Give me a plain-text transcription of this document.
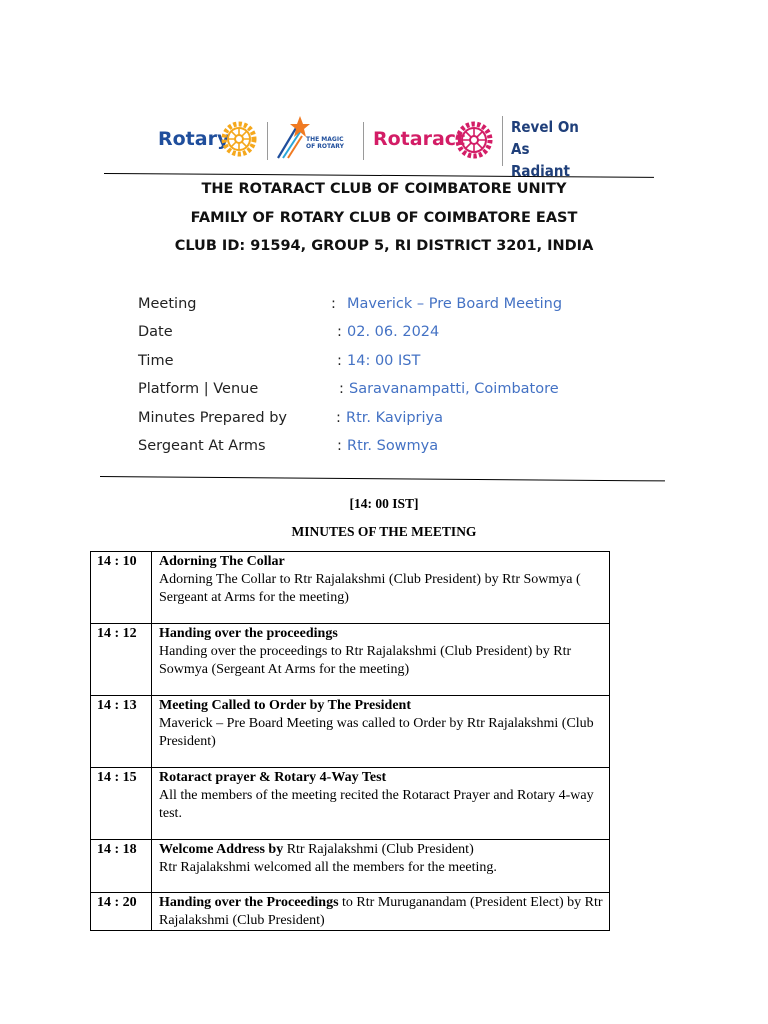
Rotary	THE MAGIC OF ROTARY	Rotaract
Revel On
As Radiant
THE ROTARACT CLUB OF COIMBATORE UNITY
FAMILY OF ROTARY CLUB OF COIMBATORE EAST
CLUB ID: 91594, GROUP 5, RI DISTRICT 3201, INDIA
Meeting	: Maverick – Pre Board Meeting
Date	: 02. 06. 2024
Time	: 14: 00 IST
Platform | Venue	: Saravanampatti, Coimbatore
Minutes Prepared by	: Rtr. Kavipriya
Sergeant At Arms	: Rtr. Sowmya
[14: 00 IST]
MINUTES OF THE MEETING
14 : 10	Adorning The Collar
Adorning The Collar to Rtr Rajalakshmi (Club President) by Rtr Sowmya ( Sergeant at Arms for the meeting)
14 : 12	Handing over the proceedings
Handing over the proceedings to Rtr Rajalakshmi (Club President) by Rtr Sowmya (Sergeant At Arms for the meeting)
14 : 13	Meeting Called to Order by The President
Maverick – Pre Board Meeting was called to Order by Rtr Rajalakshmi (Club President)
14 : 15	Rotaract prayer & Rotary 4-Way Test
All the members of the meeting recited the Rotaract Prayer and Rotary 4-way test.
14 : 18	Welcome Address by Rtr Rajalakshmi (Club President)
Rtr Rajalakshmi welcomed all the members for the meeting.
14 : 20	Handing over the Proceedings to Rtr Muruganandam (President Elect) by Rtr Rajalakshmi (Club President)
